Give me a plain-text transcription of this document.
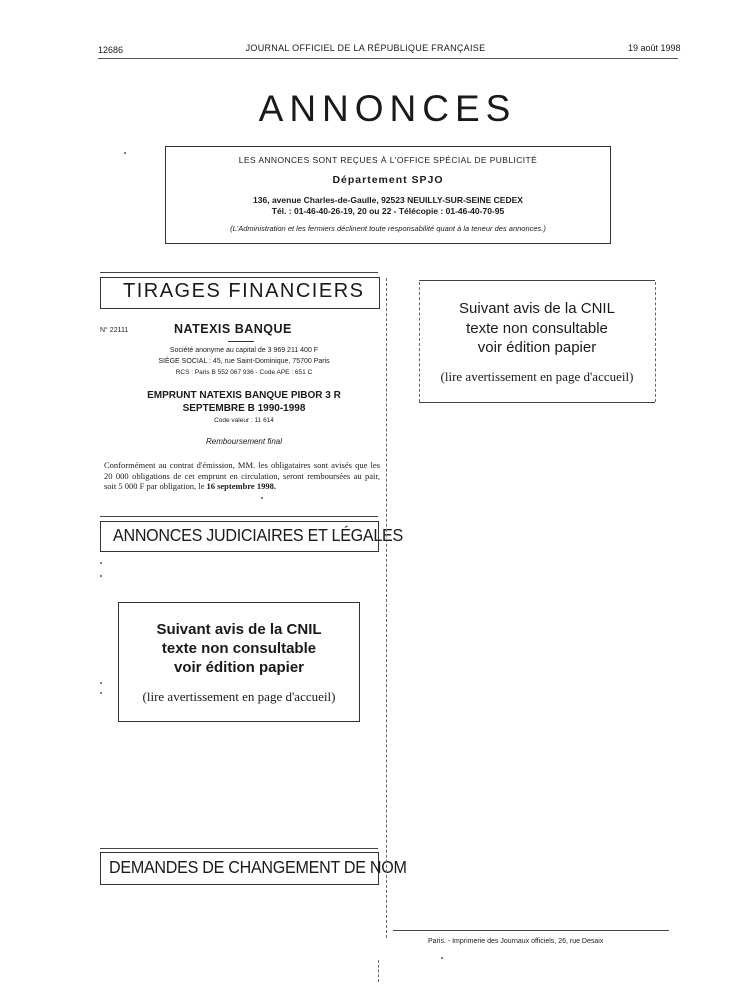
12686	JOURNAL OFFICIEL DE LA RÉPUBLIQUE FRANÇAISE	19 août 1998
ANNONCES
LES ANNONCES SONT REÇUES À L'OFFICE SPÉCIAL DE PUBLICITÉ
Département SPJO
136, avenue Charles-de-Gaulle, 92523 NEUILLY-SUR-SEINE CEDEX
Tél. : 01-46-40-26-19, 20 ou 22 - Télécopie : 01-46-40-70-95
(L'Administration et les fermiers déclinent toute responsabilité quant à la teneur des annonces.)
TIRAGES FINANCIERS
N° 22111	NATEXIS BANQUE
Société anonyme au capital de 3 969 211 400 F
SIÈGE SOCIAL : 45, rue Saint-Dominique, 75700 Paris
RCS : Paris B 552 067 936 - Code APE : 651 C
EMPRUNT NATEXIS BANQUE PIBOR 3 R
SEPTEMBRE B 1990-1998
Code valeur : 11 614
Remboursement final
Conformément au contrat d'émission, MM. les obligataires sont avisés que les 20 000 obligations de cet emprunt en circulation, seront remboursées au pair, soit 5 000 F par obligation, le 16 septembre 1998.
ANNONCES JUDICIAIRES ET LÉGALES
Suivant avis de la CNIL
texte non consultable
voir édition papier
(lire avertissement en page d'accueil)
DEMANDES DE CHANGEMENT DE NOM
Suivant avis de la CNIL
texte non consultable
voir édition papier
(lire avertissement en page d'accueil)
Paris. - Imprimerie des Journaux officiels, 26, rue Desaix
